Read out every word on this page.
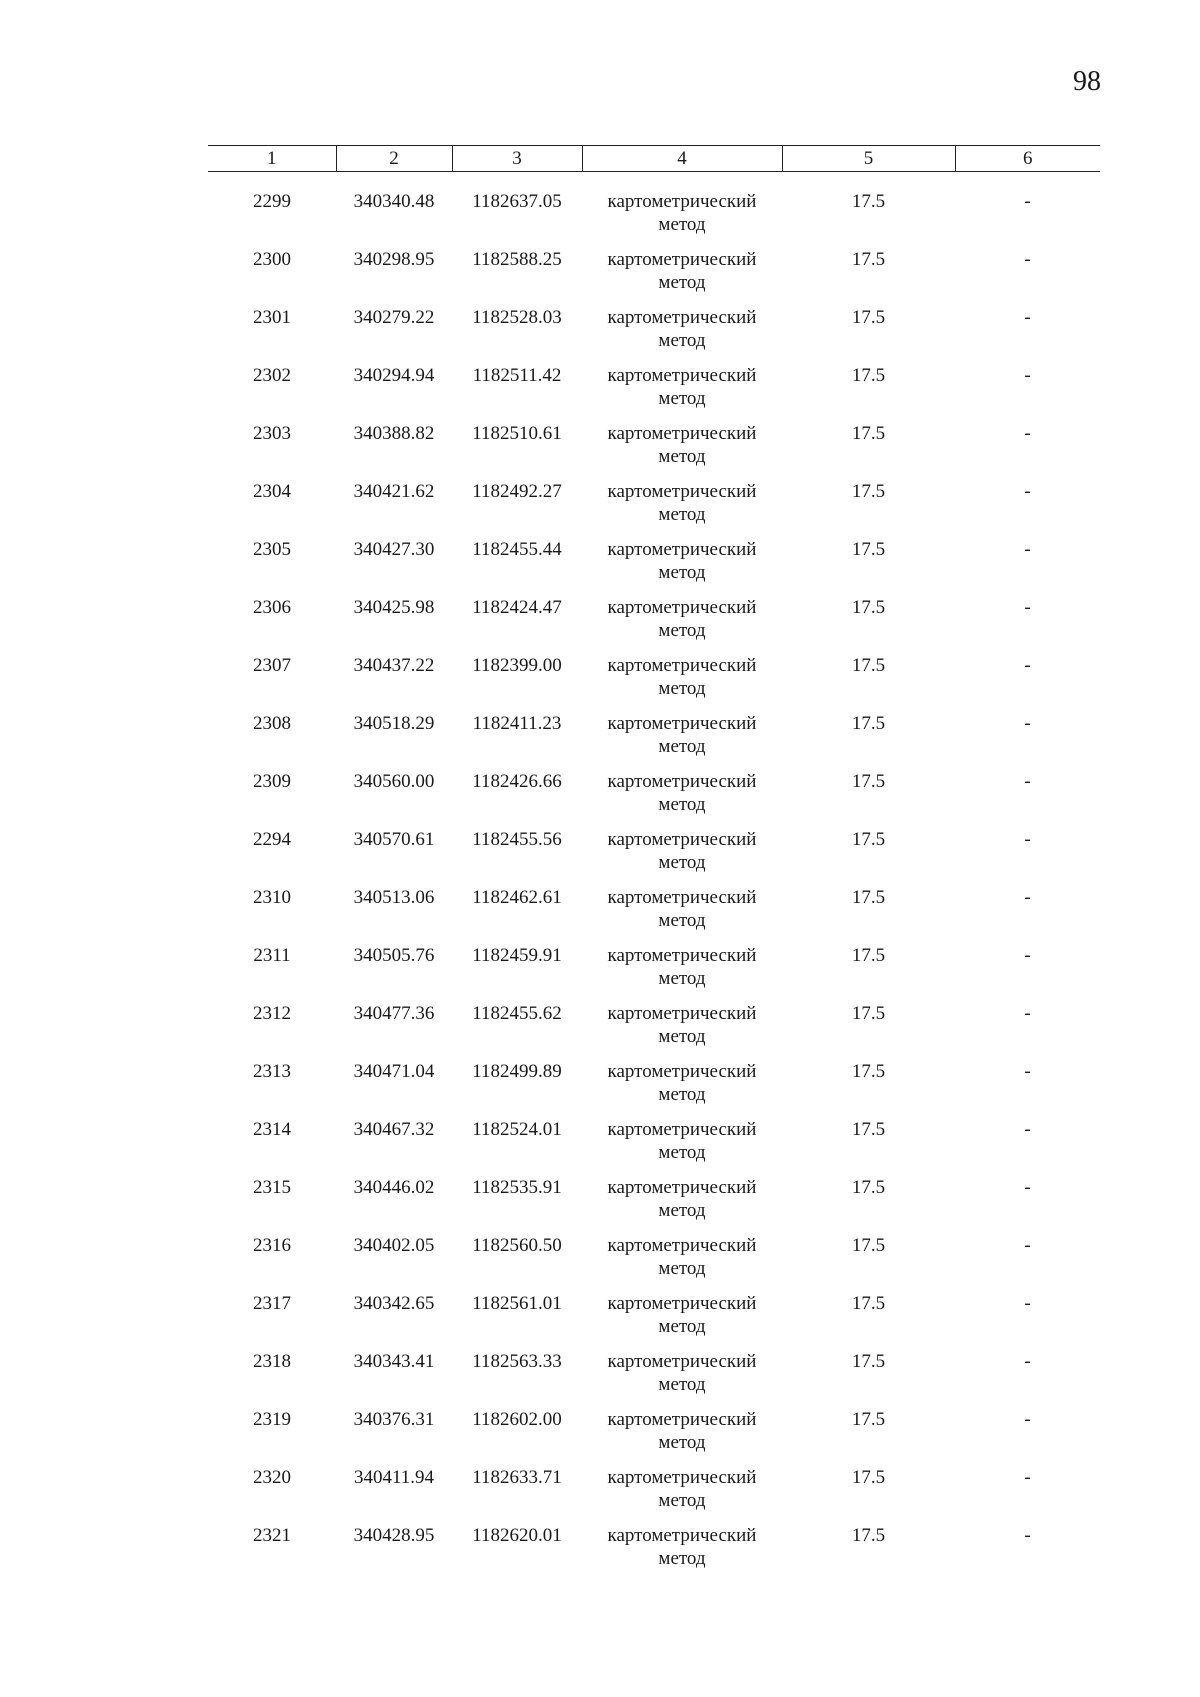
98
1	2	3	4	5	6
2299	340340.48	1182637.05	картометрический метод	17.5	-
2300	340298.95	1182588.25	картометрический метод	17.5	-
2301	340279.22	1182528.03	картометрический метод	17.5	-
2302	340294.94	1182511.42	картометрический метод	17.5	-
2303	340388.82	1182510.61	картометрический метод	17.5	-
2304	340421.62	1182492.27	картометрический метод	17.5	-
2305	340427.30	1182455.44	картометрический метод	17.5	-
2306	340425.98	1182424.47	картометрический метод	17.5	-
2307	340437.22	1182399.00	картометрический метод	17.5	-
2308	340518.29	1182411.23	картометрический метод	17.5	-
2309	340560.00	1182426.66	картометрический метод	17.5	-
2294	340570.61	1182455.56	картометрический метод	17.5	-
2310	340513.06	1182462.61	картометрический метод	17.5	-
2311	340505.76	1182459.91	картометрический метод	17.5	-
2312	340477.36	1182455.62	картометрический метод	17.5	-
2313	340471.04	1182499.89	картометрический метод	17.5	-
2314	340467.32	1182524.01	картометрический метод	17.5	-
2315	340446.02	1182535.91	картометрический метод	17.5	-
2316	340402.05	1182560.50	картометрический метод	17.5	-
2317	340342.65	1182561.01	картометрический метод	17.5	-
2318	340343.41	1182563.33	картометрический метод	17.5	-
2319	340376.31	1182602.00	картометрический метод	17.5	-
2320	340411.94	1182633.71	картометрический метод	17.5	-
2321	340428.95	1182620.01	картометрический метод	17.5	-
